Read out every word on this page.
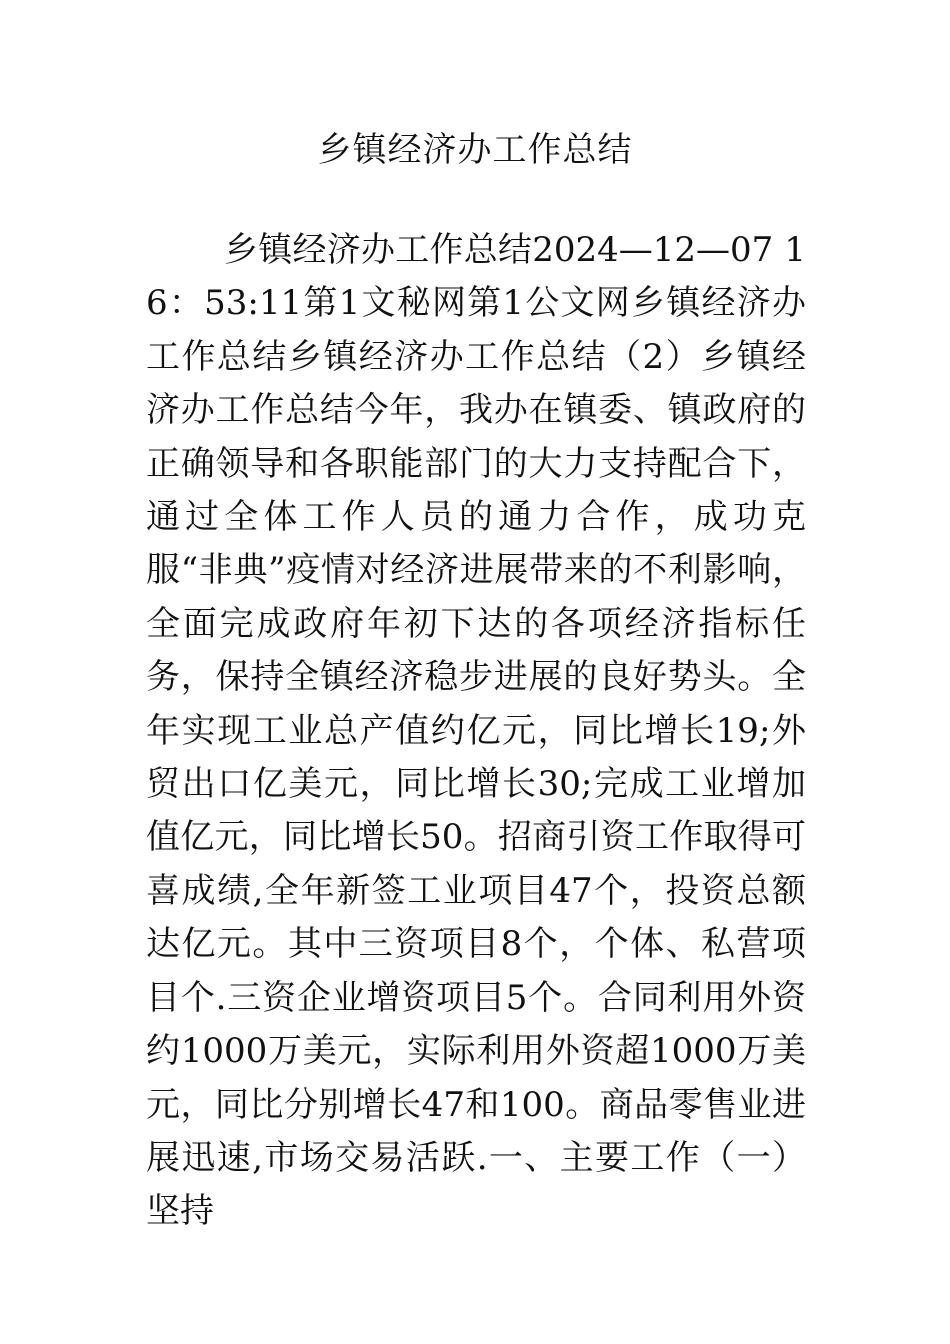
乡镇经济办工作总结

乡镇经济办工作总结2024—12—07 16：53:11第1文秘网第1公文网乡镇经济办工作总结乡镇经济办工作总结（2）乡镇经济办工作总结今年，我办在镇委、镇政府的正确领导和各职能部门的大力支持配合下，通过全体工作人员的通力合作，成功克服“非典”疫情对经济进展带来的不利影响，全面完成政府年初下达的各项经济指标任务，保持全镇经济稳步进展的良好势头。全年实现工业总产值约亿元，同比增长19;外贸出口亿美元，同比增长30;完成工业增加值亿元，同比增长50。招商引资工作取得可喜成绩,全年新签工业项目47个，投资总额达亿元。其中三资项目8个，个体、私营项目个.三资企业增资项目5个。合同利用外资约1000万美元，实际利用外资超1000万美元，同比分别增长47和100。商品零售业进展迅速,市场交易活跃.一、主要工作（一）坚持
